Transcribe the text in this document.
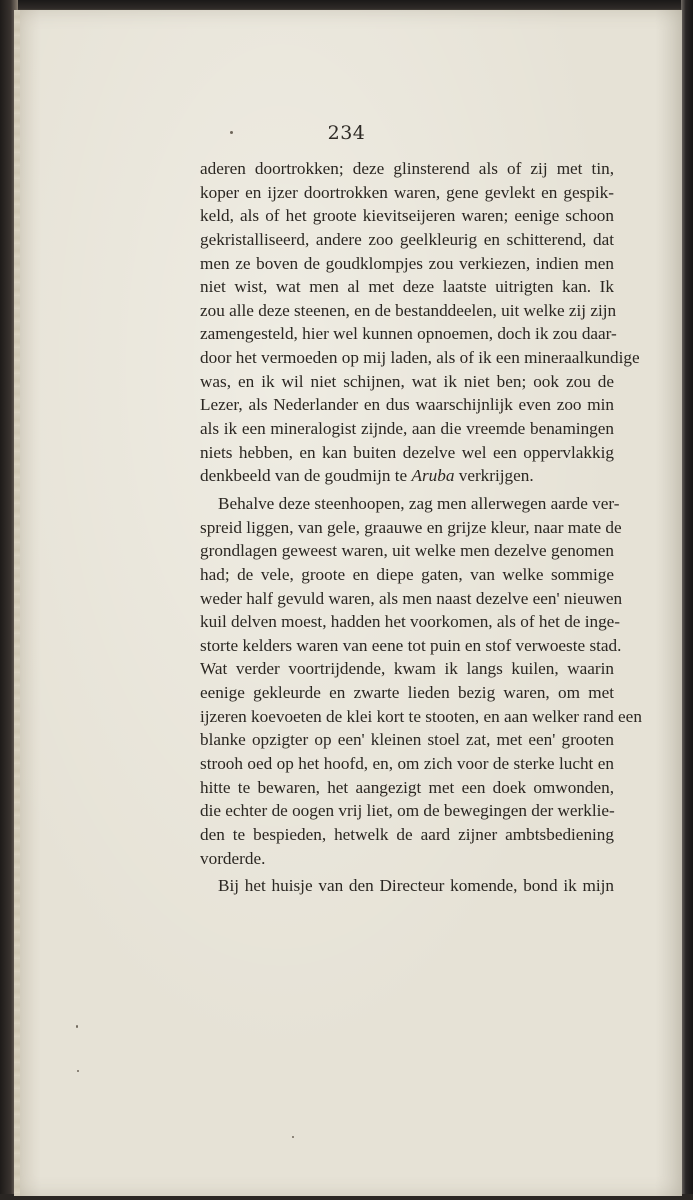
234
aderen doortrokken; deze glinsterend als of zij met tin,
koper en ijzer doortrokken waren, gene gevlekt en gespik-
keld, als of het groote kievitseijeren waren; eenige schoon
gekristalliseerd, andere zoo geelkleurig en schitterend, dat
men ze boven de goudklompjes zou verkiezen, indien men
niet wist, wat men al met deze laatste uitrigten kan. Ik
zou alle deze steenen, en de bestanddeelen, uit welke zij zijn
zamengesteld, hier wel kunnen opnoemen, doch ik zou daar-
door het vermoeden op mij laden, als of ik een mineraalkundige
was, en ik wil niet schijnen, wat ik niet ben; ook zou de
Lezer, als Nederlander en dus waarschijnlijk even zoo min
als ik een mineralogist zijnde, aan die vreemde benamingen
niets hebben, en kan buiten dezelve wel een oppervlakkig
denkbeeld van de goudmijn te Aruba verkrijgen.
Behalve deze steenhoopen, zag men allerwegen aarde ver-
spreid liggen, van gele, graauwe en grijze kleur, naar mate de
grondlagen geweest waren, uit welke men dezelve genomen
had; de vele, groote en diepe gaten, van welke sommige
weder half gevuld waren, als men naast dezelve een' nieuwen
kuil delven moest, hadden het voorkomen, als of het de inge-
storte kelders waren van eene tot puin en stof verwoeste stad.
Wat verder voortrijdende, kwam ik langs kuilen, waarin
eenige gekleurde en zwarte lieden bezig waren, om met
ijzeren koevoeten de klei kort te stooten, en aan welker rand een
blanke opzigter op een' kleinen stoel zat, met een' grooten
strooh oed op het hoofd, en, om zich voor de sterke lucht en
hitte te bewaren, het aangezigt met een doek omwonden,
die echter de oogen vrij liet, om de bewegingen der werklie-
den te bespieden, hetwelk de aard zijner ambtsbediening
vorderde.
Bij het huisje van den Directeur komende, bond ik mijn
